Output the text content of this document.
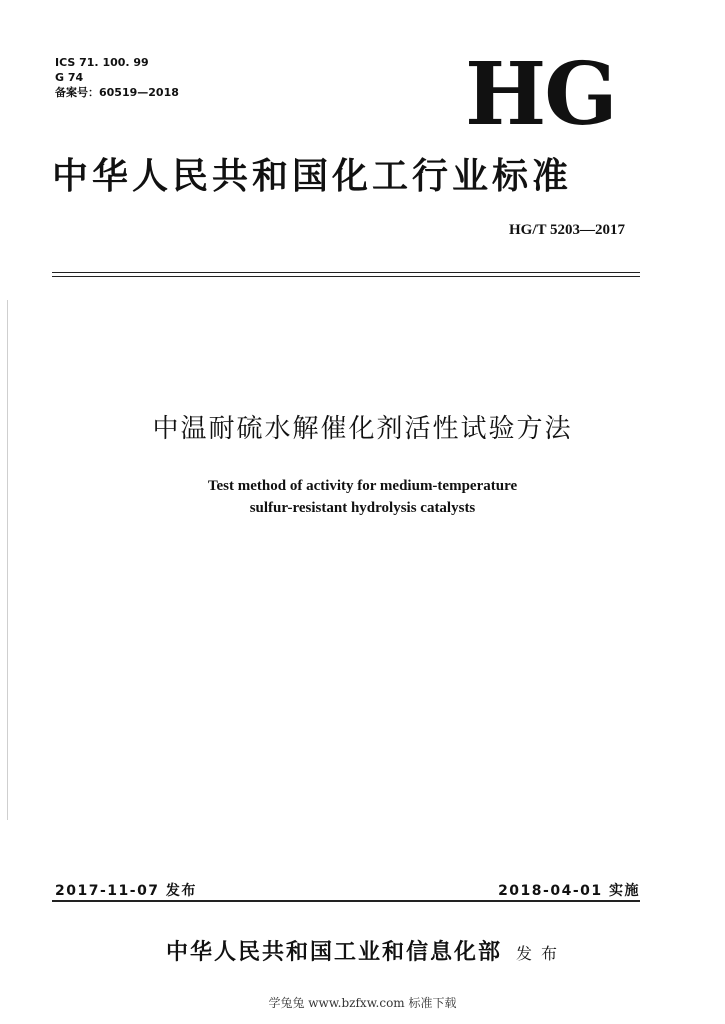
ICS 71. 100. 99
G 74
备案号：60519—2018	HG
中华人民共和国化工行业标准
HG/T 5203—2017
中温耐硫水解催化剂活性试验方法
Test method of activity for medium-temperature
sulfur-resistant hydrolysis catalysts
2017-11-07 发布	2018-04-01 实施
中华人民共和国工业和信息化部 发 布
学兔兔 www.bzfxw.com 标准下载
